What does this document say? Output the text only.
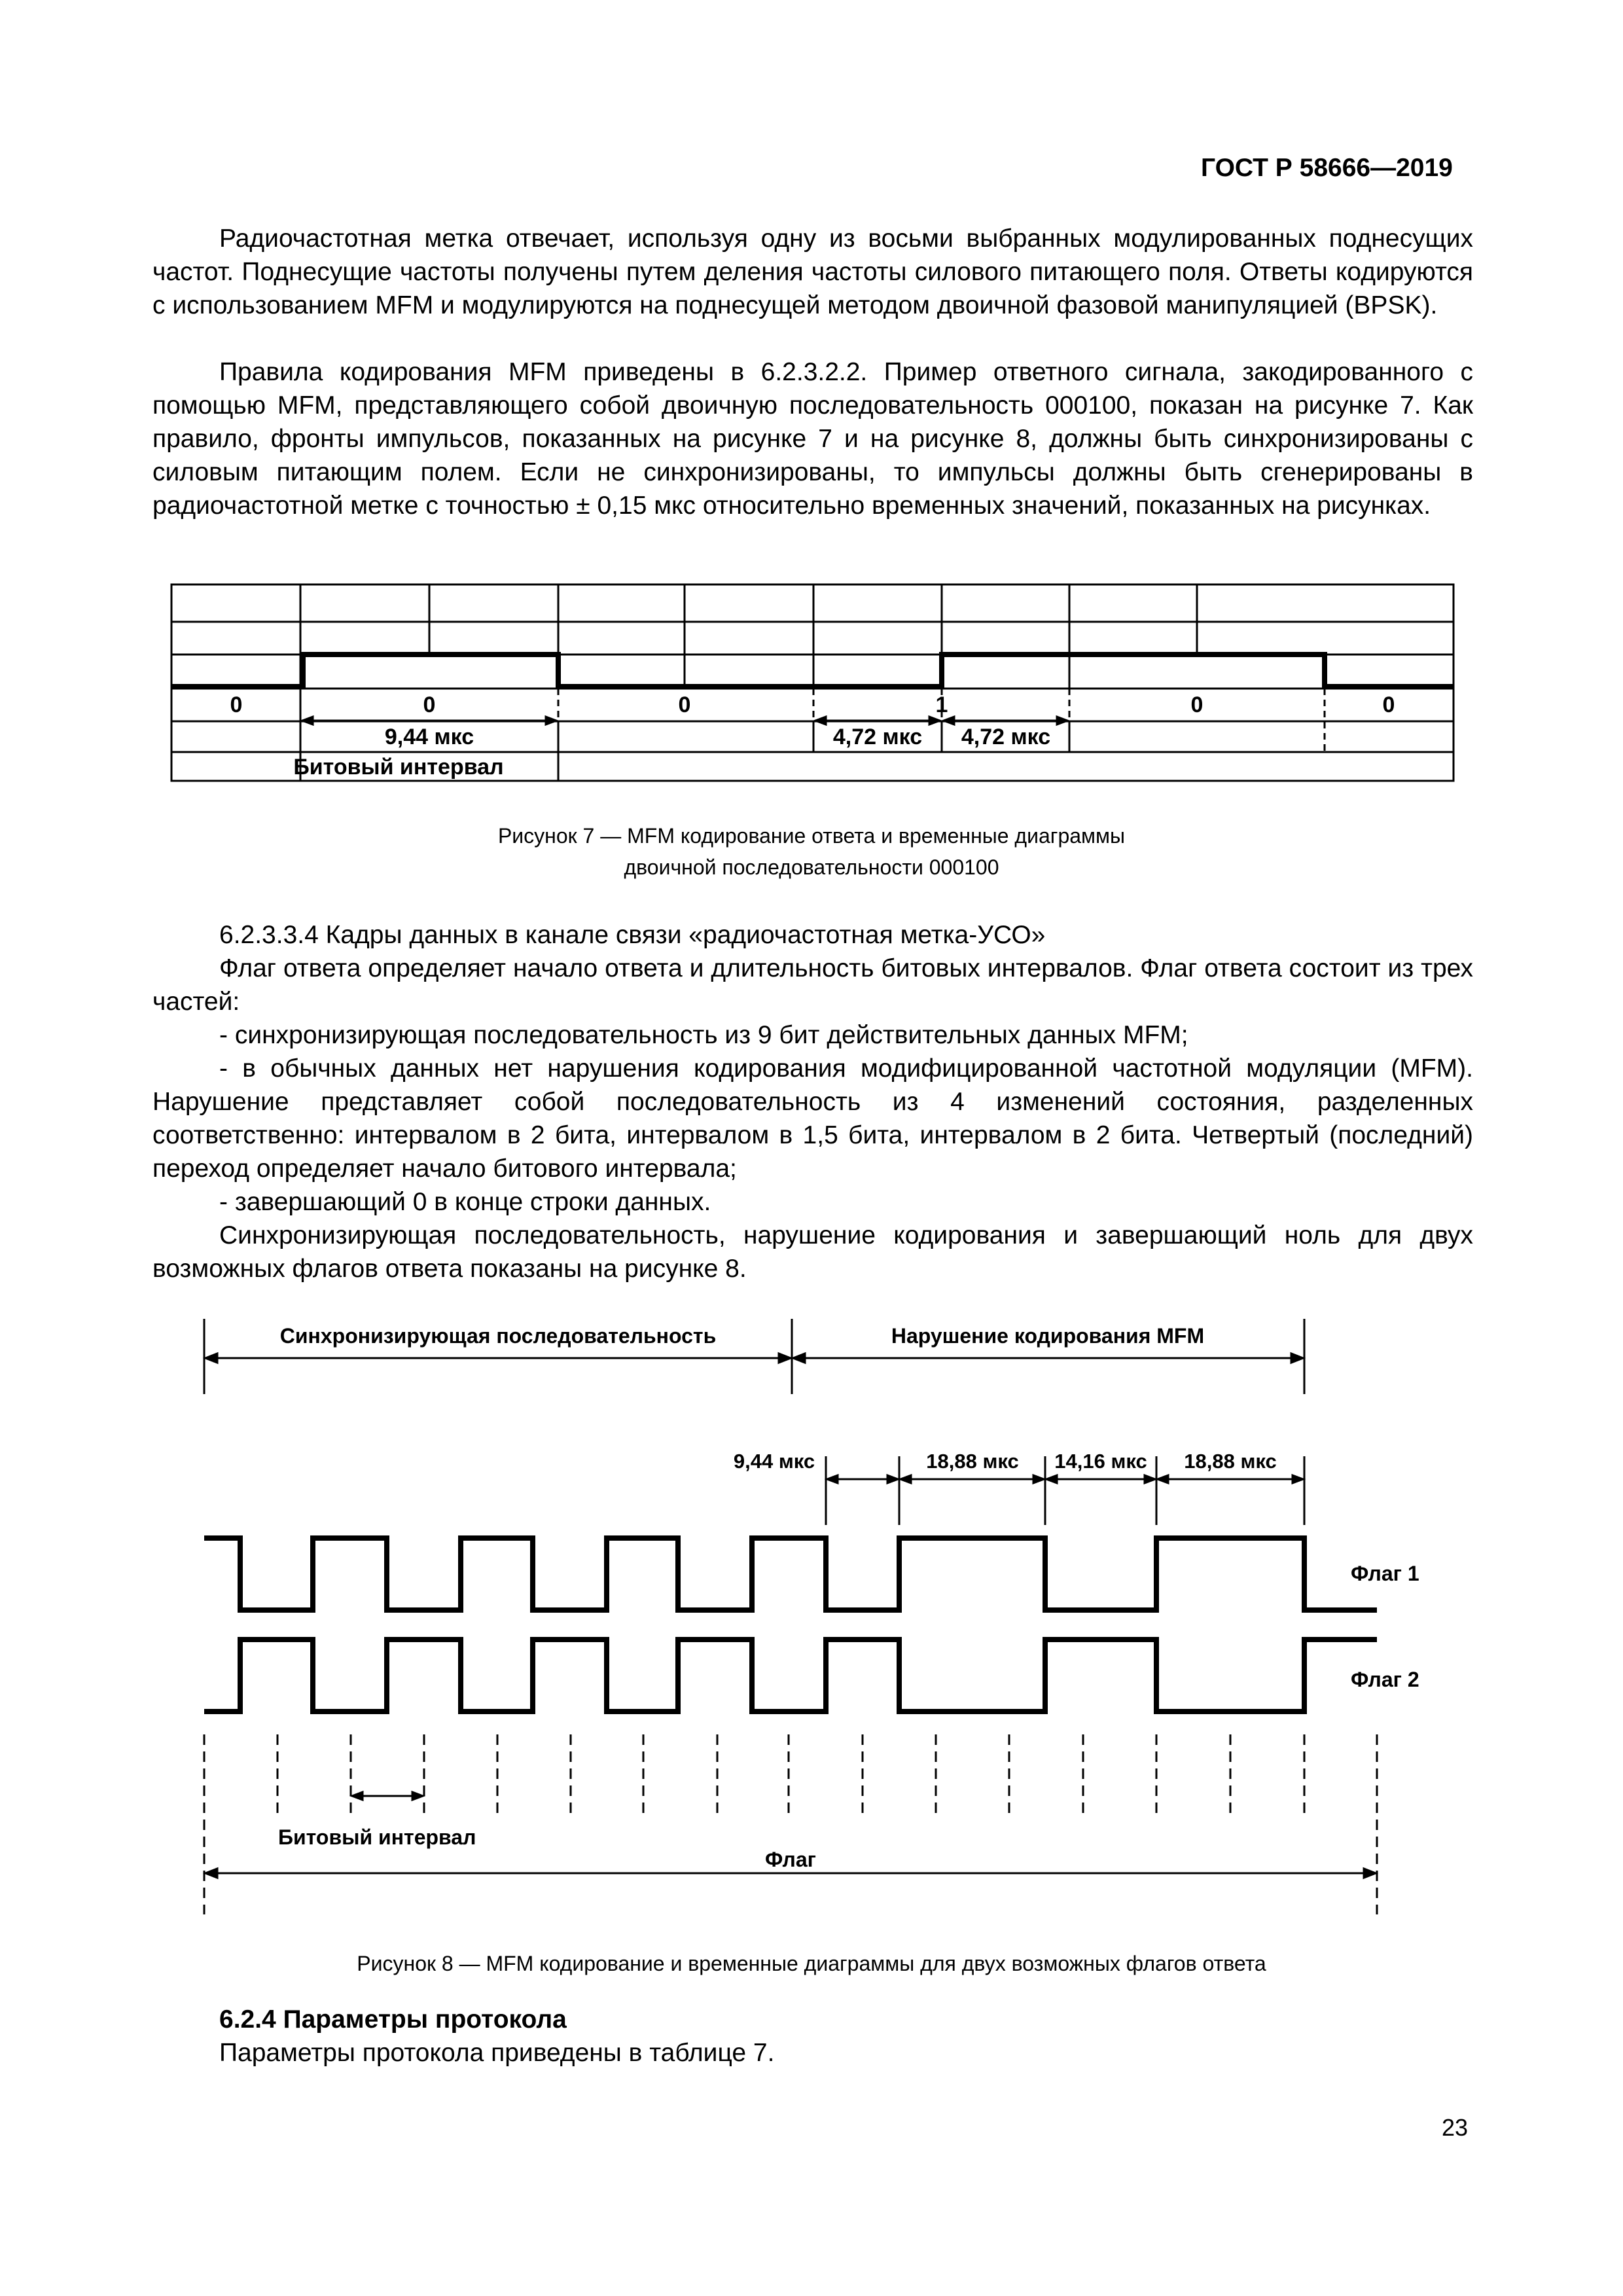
ГОСТ Р 58666—2019

Радиочастотная метка отвечает, используя одну из восьми выбранных модулированных поднесущих частот. Поднесущие частоты получены путем деления частоты силового питающего поля. Ответы кодируются с использованием MFM и модулируются на поднесущей методом двоичной фазовой манипуляцией (BPSK).

Правила кодирования MFM приведены в 6.2.3.2.2. Пример ответного сигнала, закодированного с помощью MFM, представляющего собой двоичную последовательность 000100, показан на рисунке 7. Как правило, фронты импульсов, показанных на рисунке 7 и на рисунке 8, должны быть синхронизированы с силовым питающим полем. Если не синхронизированы, то импульсы должны быть сгенерированы в радиочастотной метке с точностью ± 0,15 мкс относительно временных значений, показанных на рисунках.

0	0	0	1	0	0
9,44 мкс	4,72 мкс 4,72 мкс
Битовый интервал
Рисунок 7 — MFM кодирование ответа и временные диаграммы
двоичной последовательности 000100

6.2.3.3.4 Кадры данных в канале связи «радиочастотная метка-УСО»

Флаг ответа определяет начало ответа и длительность битовых интервалов. Флаг ответа состоит из трех частей:

- синхронизирующая последовательность из 9 бит действительных данных MFM;

- в обычных данных нет нарушения кодирования модифицированной частотной модуляции (MFM). Нарушение представляет собой последовательность из 4 изменений состояния, разделенных соответственно: интервалом в 2 бита, интервалом в 1,5 бита, интервалом в 2 бита. Четвертый (последний) переход определяет начало битового интервала;

- завершающий 0 в конце строки данных.

Синхронизирующая последовательность, нарушение кодирования и завершающий ноль для двух возможных флагов ответа показаны на рисунке 8.

Синхронизирующая последовательность	Нарушение кодирования MFM
9,44 мкс	18,88 мкс 14,16 мкс 18,88 мкс
Флаг 1
Флаг 2
Битовый интервал
Флаг
Рисунок 8 — MFM кодирование и временные диаграммы для двух возможных флагов ответа
6.2.4 Параметры протокола
Параметры протокола приведены в таблице 7.
23
